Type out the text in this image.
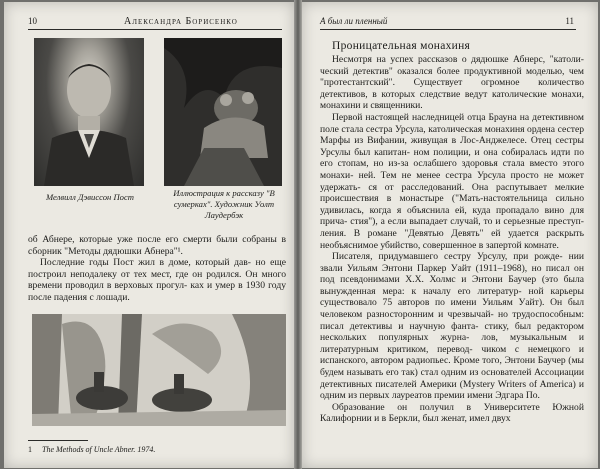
10	Александра Борисенко
Мелвилл Дэвиссон Пост	Иллюстрация к рассказу "В сумерках". Художник Уолт Лаудербэк

об Абнере, которые уже после его смерти были собраны в сборник "Методы дядюшки Абнера"¹.

Последние годы Пост жил в доме, который дав- но еще построил неподалеку от тех мест, где он родился. Он много времени проводил в верховых прогул- ках и умер в 1930 году после падения с лошади.

1 The Methods of Uncle Abner. 1974.
А был ли пленный	11
Проницательная монахиня

Несмотря на успех рассказов о дядюшке Абнерс, "католи- ческий детектив" оказался более продуктивной моделью, чем "протестантский". Существует огромное количество детективов, в которых следствие ведут католические монахи, монахини и священники.

Первой настоящей наследницей отца Брауна на детективном поле стала сестра Урсула, католическая монахиня ордена сестер Марфы из Вифании, живущая в Лос-Анджелесе. Отец сестры Урсулы был капитан- ном полиции, и она собиралась идти по его стопам, но из-за ослабшего здоровья стала вместо этого монахи- ней. Тем не менее сестра Урсула просто не может удержать- ся от расследований. Она распутывает мелкие происшествия в монастыре ("Мать-настоятельница сильно удивилась, когда я объяснила ей, куда пропадало вино для прича- стия"), а если выпадает случай, то и серьезные преступ- ления. В романе "Девятью Девять" ей удается раскрыть необъяснимое убийство, совершенное в запертой комнате.

Писателя, придумавшего сестру Урсулу, при рожде- нии звали Уильям Энтони Паркер Уайт (1911–1968), но писал он под псевдонимами Х.Х. Холмс и Энтони Баучер (это была вынужденная мера: к началу его литератур- ной карьеры существовало 75 авторов по имени Уильям Уайт). Он был человеком разносторонним и чрезвычай- но трудоспособным: писал детективы и научную фанта- стику, был редактором нескольких популярных журна- лов, музыкальным и литературным критиком, перевод- чиком с немецкого и испанского, автором радиопьес. Кроме того, Энтони Баучер (мы будем называть его так) стал одним из основателей Ассоциации детективных писателей Америки (Mystery Writers of America) и одним из первых лауреатов премии имени Эдгара По.

Образование он получил в Университете Южной Калифорнии и в Беркли, был женат, имел двух
